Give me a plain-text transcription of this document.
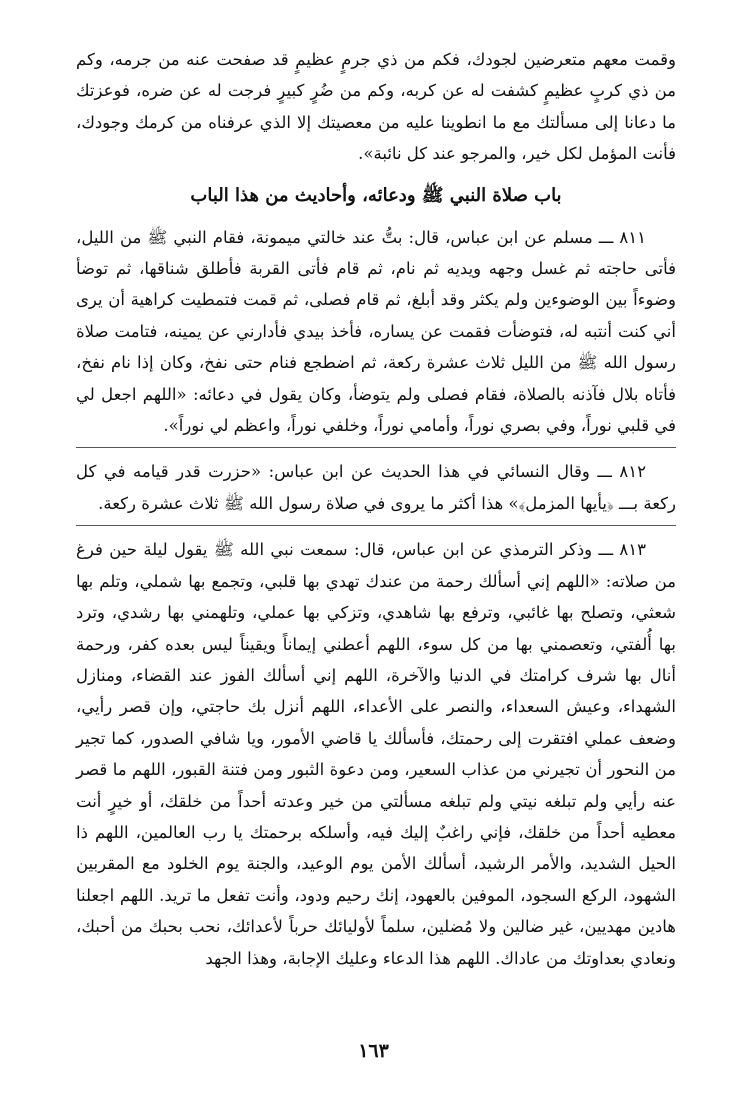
وقمت معهم متعرضين لجودك، فكم من ذي جرمٍ عظيمٍ قد صفحت عنه من جرمه، وكم من ذي كربٍ عظيمٍ كشفت له عن كربه، وكم من ضُرٍ كبيرٍ فرجت له عن ضره، فوعزتك ما دعانا إلى مسألتك مع ما انطوينا عليه من معصيتك إلا الذي عرفناه من كرمك وجودك، فأنت المؤمل لكل خير، والمرجو عند كل نائبة».

باب صلاة النبي ﷺ ودعائه، وأحاديث من هذا الباب

٨١١ ـــ مسلم عن ابن عباس، قال: بتُّ عند خالتي ميمونة، فقام النبي ﷺ من الليل، فأتى حاجته ثم غسل وجهه ويديه ثم نام، ثم قام فأتى القربة فأطلق شناقها، ثم توضأ وضوءاً بين الوضوءين ولم يكثر وقد أبلغ، ثم قام فصلى، ثم قمت فتمطيت كراهية أن يرى أني كنت أنتبه له، فتوضأت فقمت عن يساره، فأخذ بيدي فأدارني عن يمينه، فتامت صلاة رسول الله ﷺ من الليل ثلاث عشرة ركعة، ثم اضطجع فنام حتى نفخ، وكان إذا نام نفخ، فأتاه بلال فآذنه بالصلاة، فقام فصلى ولم يتوضأ، وكان يقول في دعائه: «اللهم اجعل لي في قلبي نوراً، وفي بصري نوراً، وأمامي نوراً، وخلفي نوراً، واعظم لي نوراً».

٨١٢ ـــ وقال النسائي في هذا الحديث عن ابن عباس: «حزرت قدر قيامه في كل ركعة بـــ ﴿يأيها المزمل﴾» هذا أكثر ما يروى في صلاة رسول الله ﷺ ثلاث عشرة ركعة.

٨١٣ ـــ وذكر الترمذي عن ابن عباس، قال: سمعت نبي الله ﷺ يقول ليلة حين فرغ من صلاته: «اللهم إني أسألك رحمة من عندك تهدي بها قلبي، وتجمع بها شملي، وتلم بها شعثي، وتصلح بها غائبي، وترفع بها شاهدي، وتزكي بها عملي، وتلهمني بها رشدي، وترد بها أُلفتي، وتعصمني بها من كل سوء، اللهم أعطني إيماناً ويقيناً ليس بعده كفر، ورحمة أنال بها شرف كرامتك في الدنيا والآخرة، اللهم إني أسألك الفوز عند القضاء، ومنازل الشهداء، وعيش السعداء، والنصر على الأعداء، اللهم أنزل بك حاجتي، وإن قصر رأيي، وضعف عملي افتقرت إلى رحمتك، فأسألك يا قاضي الأمور، ويا شافي الصدور، كما تجير من النحور أن تجيرني من عذاب السعير، ومن دعوة الثبور ومن فتنة القبور، اللهم ما قصر عنه رأيي ولم تبلغه نيتي ولم تبلغه مسألتي من خير وعدته أحداً من خلقك، أو خيرٍ أنت معطيه أحداً من خلقك، فإني راغبٌ إليك فيه، وأسلكه برحمتك يا رب العالمين، اللهم ذا الحيل الشديد، والأمر الرشيد، أسألك الأمن يوم الوعيد، والجنة يوم الخلود مع المقربين الشهود، الركع السجود، الموفين بالعهود، إنك رحيم ودود، وأنت تفعل ما تريد. اللهم اجعلنا هادين مهديين، غير ضالين ولا مُضلين، سلماً لأوليائك حرباً لأعدائك، نحب بحبك من أحبك، ونعادي بعداوتك من عاداك. اللهم هذا الدعاء وعليك الإجابة، وهذا الجهد

١٦٣
